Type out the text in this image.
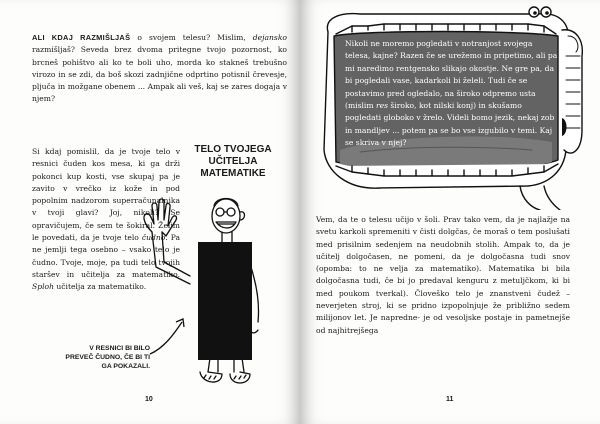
ALI KDAJ RAZMIŠLJAŠ o svojem telesu? Mislim, dejansko razmišljaš? Seveda brez dvoma pritegne tvojo pozornost, ko brcneš pohištvo ali ko te boli uho, morda ko stakneš trebušno virozo in se zdi, da boš skozi zadnjične odprtino potisnil črevesje, pljuča in možgane obenem ... Ampak ali veš, kaj se zares dogaja v njem?

Si kdaj pomislil, da je tvoje telo v resnici čuden kos mesa, ki ga drži pokonci kup kosti, vse skupaj pa je zavito v vrečko iz kože in pod popolnim nadzorom superračunalnika v tvoji glavi? Joj, nikoli? Se opravičujem, če sem te šokiral. Želim le povedati, da je tvoje telo čudno. Pa ne jemlji tega osebno – vsako telo je čudno. Tvoje, moje, pa tudi telo tvojih staršev in učitelja za matematiko. Sploh učitelja za matematiko.

TELO TVOJEGA UČITELJA MATEMATIKE
V RESNICI BI BILO PREVEČ ČUDNO, ČE BI TI GA POKAZALI.
10

Vem, da te o telesu učijo v šoli. Prav tako vem, da je najlažje na svetu karkoli spremeniti v čisti dolgčas, če moraš o tem poslušati med prisilnim sedenjem na neudobnih stolih. Ampak to, da je učitelj dolgočasen, ne pomeni, da je dolgočasna tudi snov (opomba: to ne velja za matematiko). Matematika bi bila dolgočasna tudi, če bi jo predaval kenguru z metuljčkom, ki bi med poukom tverkal). Človeško telo je znanstveni čudež – neverjeten stroj, ki se pridno izpopolnjuje že približno sedem milijonov let. Je napredne- je od vesoljske postaje in pametnejše od najhitrejšega

11
Nikoli ne moremo pogledati v notranjost svojega telesa, kajne? Razen če se urežemo in pripetimo, ali pa mi naredimo rentgensko slikajo okostje. Ne gre pa, da bi pogledali vase, kadarkoli bi želeli. Tudi če se postavimo pred ogledalo, na široko odpremo usta (mislim res široko, kot nilski konj) in skušamo pogledati globoko v žrelo. Videli bomo jezik, nekaj zob in mandljev ... potem pa se bo vse izgubilo v temi. Kaj se skriva v njej?
